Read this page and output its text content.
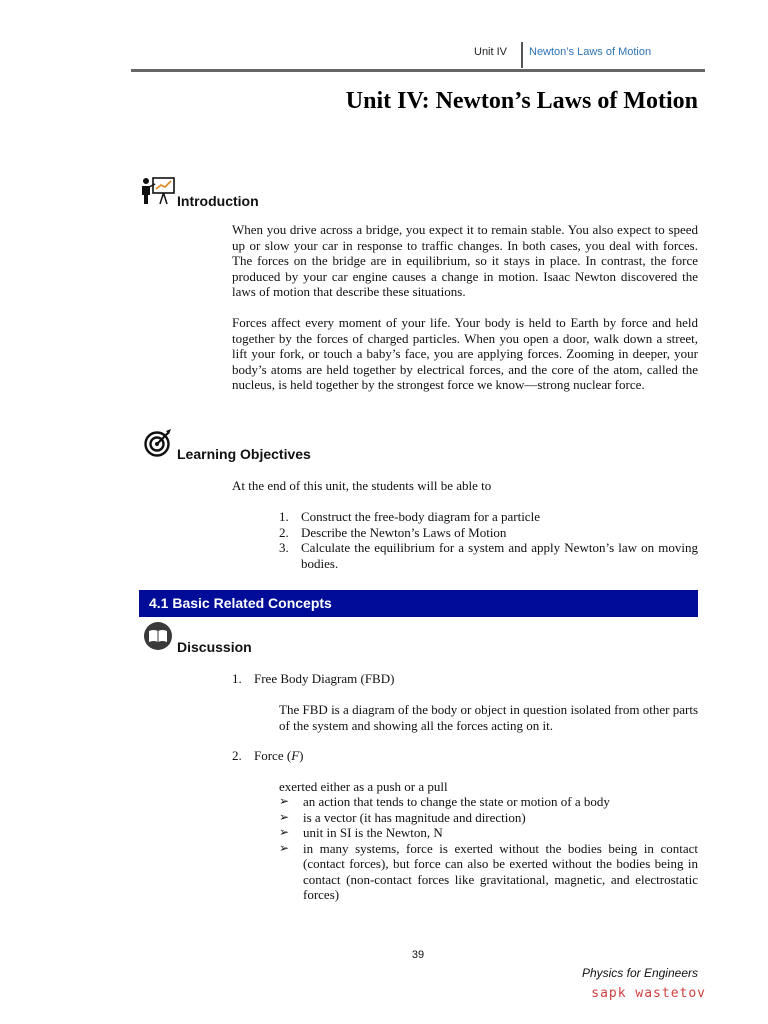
Unit IV Newton’s Laws of Motion
Unit IV: Newton’s Laws of Motion
Introduction

When you drive across a bridge, you expect it to remain stable. You also expect to speed up or slow your car in response to traffic changes. In both cases, you deal with forces. The forces on the bridge are in equilibrium, so it stays in place. In contrast, the force produced by your car engine causes a change in motion. Isaac Newton discovered the laws of motion that describe these situations.

Forces affect every moment of your life. Your body is held to Earth by force and held together by the forces of charged particles. When you open a door, walk down a street, lift your fork, or touch a baby’s face, you are applying forces. Zooming in deeper, your body’s atoms are held together by electrical forces, and the core of the atom, called the nucleus, is held together by the strongest force we know—strong nuclear force.

Learning Objectives
At the end of this unit, the students will be able to
1. Construct the free-body diagram for a particle
2. Describe the Newton’s Laws of Motion
3. Calculate the equilibrium for a system and apply Newton’s law on moving bodies.
4.1 Basic Related Concepts
Discussion
1. Free Body Diagram (FBD)
The FBD is a diagram of the body or object in question isolated from other parts of the system and showing all the forces acting on it.
2. Force (F)
exerted either as a push or a pull
➢	an action that tends to change the state or motion of a body
➢	is a vector (it has magnitude and direction)
➢	unit in SI is the Newton, N
➢	in many systems, force is exerted without the bodies being in contact (contact forces), but force can also be exerted without the bodies being in contact (non-contact forces like gravitational, magnetic, and electrostatic forces)
39
Physics for Engineers
sapk wastetov
